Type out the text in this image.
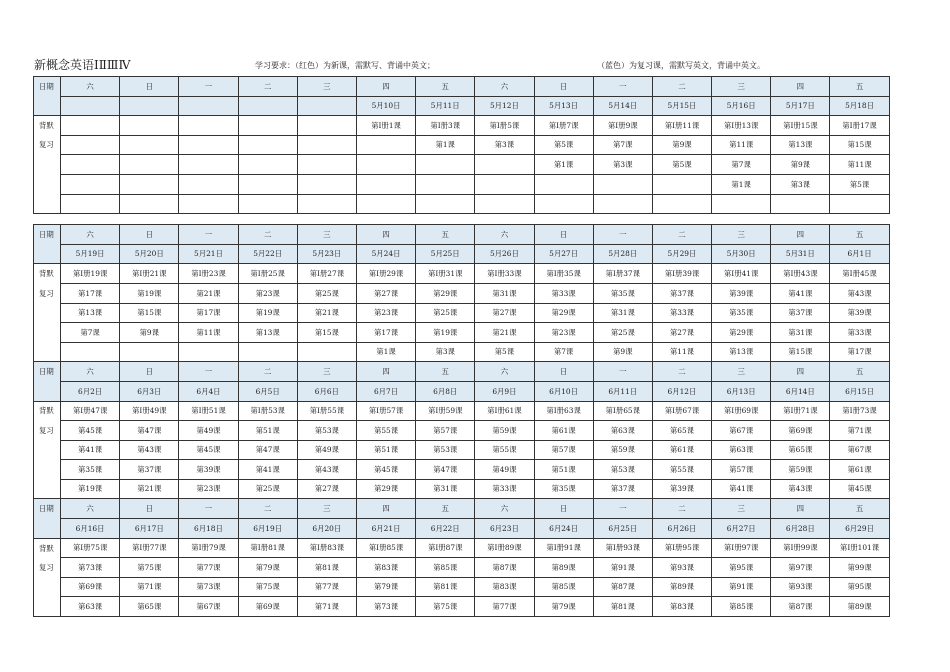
新概念英语ⅠⅡⅢⅣ	学习要求：（红色）为新课，需默写、背诵中英文；	（蓝色）为复习课，需默写英文，背诵中英文。
日期	六	日	一	二	三	四	五	六	日	一	二	三	四	五
						5月10日	5月11日	5月12日	5月13日	5月14日	5月15日	5月16日	5月17日	5月18日
背默						第Ⅰ册1课	第Ⅰ册3课	第Ⅰ册5课	第Ⅰ册7课	第Ⅰ册9课	第Ⅰ册11课	第Ⅰ册13课	第Ⅰ册15课	第Ⅰ册17课
复习							第1课	第3课	第5课	第7课	第9课	第11课	第13课	第15课
									第1课	第3课	第5课	第7课	第9课	第11课
												第1课	第3课	第5课

日期	六	日	一	二	三	四	五	六	日	一	二	三	四	五
	5月19日	5月20日	5月21日	5月22日	5月23日	5月24日	5月25日	5月26日	5月27日	5月28日	5月29日	5月30日	5月31日	6月1日
背默	第Ⅰ册19课	第Ⅰ册21课	第Ⅰ册23课	第Ⅰ册25课	第Ⅰ册27课	第Ⅰ册29课	第Ⅰ册31课	第Ⅰ册33课	第Ⅰ册35课	第Ⅰ册37课	第Ⅰ册39课	第Ⅰ册41课	第Ⅰ册43课	第Ⅰ册45课
复习	第17课	第19课	第21课	第23课	第25课	第27课	第29课	第31课	第33课	第35课	第37课	第39课	第41课	第43课
	第13课	第15课	第17课	第19课	第21课	第23课	第25课	第27课	第29课	第31课	第33课	第35课	第37课	第39课
	第7课	第9课	第11课	第13课	第15课	第17课	第19课	第21课	第23课	第25课	第27课	第29课	第31课	第33课
						第1课	第3课	第5课	第7课	第9课	第11课	第13课	第15课	第17课
日期	六	日	一	二	三	四	五	六	日	一	二	三	四	五
	6月2日	6月3日	6月4日	6月5日	6月6日	6月7日	6月8日	6月9日	6月10日	6月11日	6月12日	6月13日	6月14日	6月15日
背默	第Ⅰ册47课	第Ⅰ册49课	第Ⅰ册51课	第Ⅰ册53课	第Ⅰ册55课	第Ⅰ册57课	第Ⅰ册59课	第Ⅰ册61课	第Ⅰ册63课	第Ⅰ册65课	第Ⅰ册67课	第Ⅰ册69课	第Ⅰ册71课	第Ⅰ册73课
复习	第45课	第47课	第49课	第51课	第53课	第55课	第57课	第59课	第61课	第63课	第65课	第67课	第69课	第71课
	第41课	第43课	第45课	第47课	第49课	第51课	第53课	第55课	第57课	第59课	第61课	第63课	第65课	第67课
	第35课	第37课	第39课	第41课	第43课	第45课	第47课	第49课	第51课	第53课	第55课	第57课	第59课	第61课
	第19课	第21课	第23课	第25课	第27课	第29课	第31课	第33课	第35课	第37课	第39课	第41课	第43课	第45课
日期	六	日	一	二	三	四	五	六	日	一	二	三	四	五
	6月16日	6月17日	6月18日	6月19日	6月20日	6月21日	6月22日	6月23日	6月24日	6月25日	6月26日	6月27日	6月28日	6月29日
背默	第Ⅰ册75课	第Ⅰ册77课	第Ⅰ册79课	第Ⅰ册81课	第Ⅰ册83课	第Ⅰ册85课	第Ⅰ册87课	第Ⅰ册89课	第Ⅰ册91课	第Ⅰ册93课	第Ⅰ册95课	第Ⅰ册97课	第Ⅰ册99课	第Ⅰ册101课
复习	第73课	第75课	第77课	第79课	第81课	第83课	第85课	第87课	第89课	第91课	第93课	第95课	第97课	第99课
	第69课	第71课	第73课	第75课	第77课	第79课	第81课	第83课	第85课	第87课	第89课	第91课	第93课	第95课
	第63课	第65课	第67课	第69课	第71课	第73课	第75课	第77课	第79课	第81课	第83课	第85课	第87课	第89课
